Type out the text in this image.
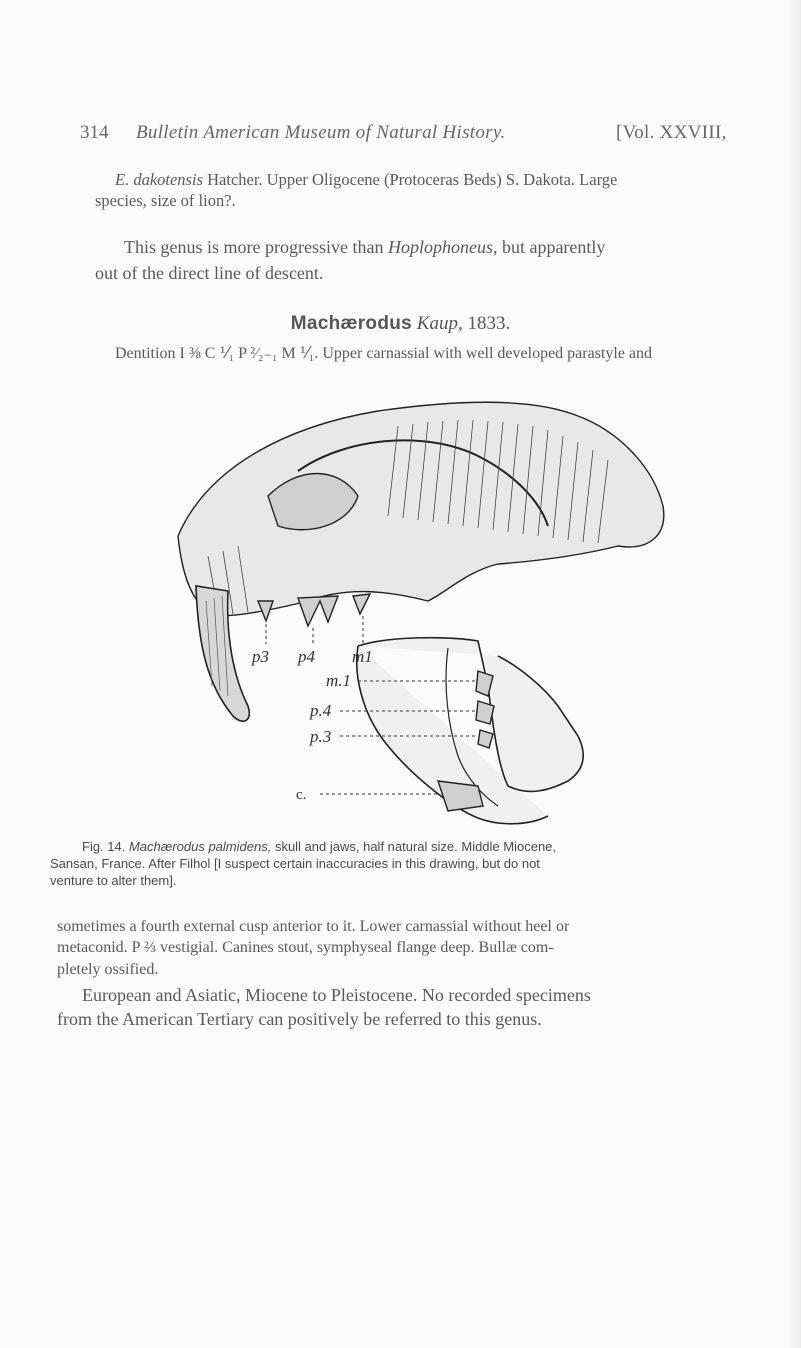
314 Bulletin American Museum of Natural History.	[Vol. XXVIII,
E. dakotensis Hatcher. Upper Oligocene (Protoceras Beds) S. Dakota. Large
species, size of lion?.
This genus is more progressive than Hoplophoneus, but apparently
out of the direct line of descent.
Machærodus Kaup, 1833.
Dentition I ⅜ C ⅟₁ P ²⁄₂₋₁ M ⅟₁. Upper carnassial with well developed parastyle and
p3 p4 m1
m.1
p.4
p.3
c.
Fig. 14. Machærodus palmidens, skull and jaws, half natural size. Middle Miocene,
Sansan, France. After Filhol [I suspect certain inaccuracies in this drawing, but do not
venture to alter them].
sometimes a fourth external cusp anterior to it. Lower carnassial without heel or
metaconid. P ⅔ vestigial. Canines stout, symphyseal flange deep. Bullæ com-
pletely ossified.
European and Asiatic, Miocene to Pleistocene. No recorded specimens
from the American Tertiary can positively be referred to this genus.
